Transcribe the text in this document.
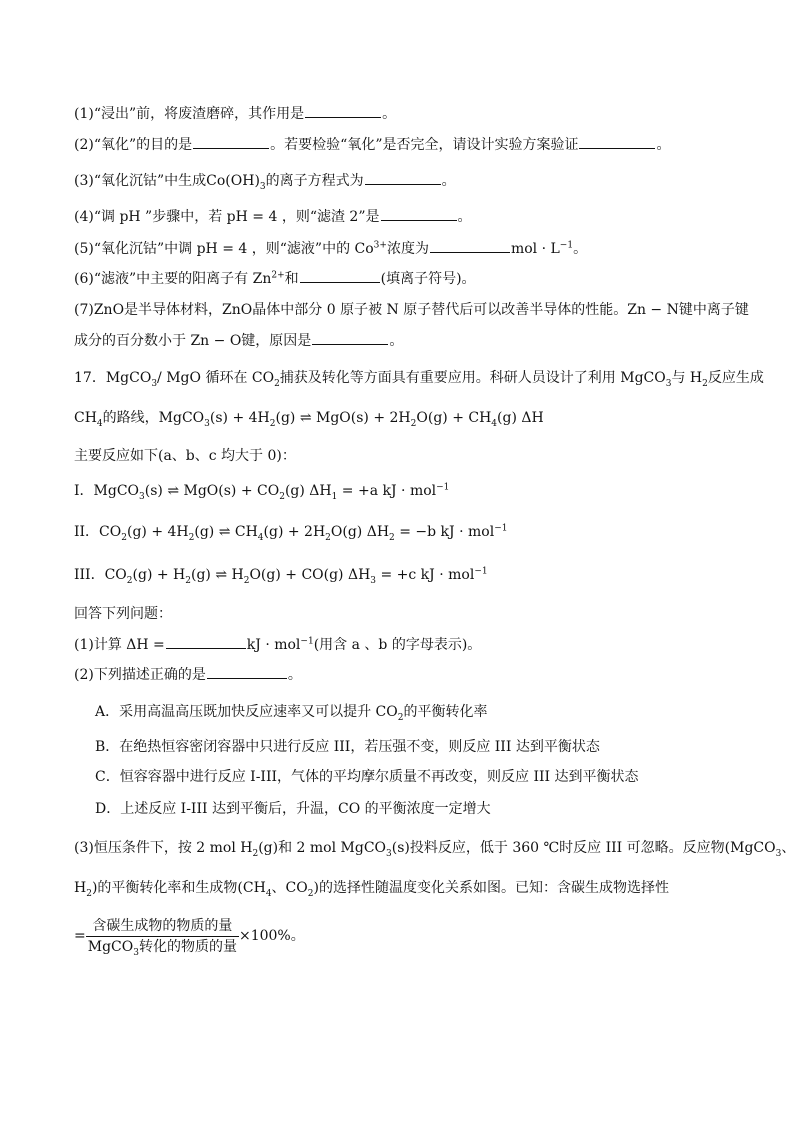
(1)“浸出”前，将废渣磨碎，其作用是	。
(2)“氧化”的目的是	。若要检验“氧化”是否完全，请设计实验方案验证	。
(3)“氧化沉钴”中生成$Co(OH)_3$的离子方程式为	。
(4)“调 pH ”步骤中，若 pH = 4 ，则“滤渣 2”是	。
(5)“氧化沉钴”中调 pH = 4 ，则“滤液”中的 $Co^{3+}$浓度为	mol · $L^{-1}$。
(6)“滤液”中主要的阳离子有 $Zn^{2+}$和	(填离子符号)。
(7)ZnO是半导体材料，ZnO晶体中部分 0 原子被 N 原子替代后可以改善半导体的性能。Zn − N键中离子键
成分的百分数小于 Zn − O键，原因是	。
17．MgCO$_3$/ MgO 循环在 $CO_2$捕获及转化等方面具有重要应用。科研人员设计了利用 MgCO$_3$与 $H_2$反应生成
$CH_4$的路线，MgCO$_3$(s) + $4H_2(g)$ ⇌ $MgO(s) + 2H_2O(g) + CH_4(g)$ ΔH
主要反应如下(a、b、c 均大于 0)：
I．MgCO$_3$(s) ⇌ $MgO(s) + CO_2(g) \Delta H_1 = +a$ kJ · mol$^{-1}$
II．$CO_2(g) + 4H_2(g)$ ⇌ $CH_4(g) + 2H_2O(g) \Delta H_2 = -b$ kJ · mol$^{-1}$
III．$CO_2(g) + H_2(g)$ ⇌ $H_2O(g) + CO(g) \Delta H_3 = +c$ kJ · mol$^{-1}$
回答下列问题：
(1)计算 ΔH =	kJ · mol$^{-1}$(用含 a 、b 的字母表示)。
(2)下列描述正确的是	。
A．采用高温高压既加快反应速率又可以提升 $CO_2$的平衡转化率
B．在绝热恒容密闭容器中只进行反应 III，若压强不变，则反应 III 达到平衡状态
C．恒容容器中进行反应 I-III，气体的平均摩尔质量不再改变，则反应 III 达到平衡状态
D．上述反应 I-III 达到平衡后，升温，CO 的平衡浓度一定增大
(3)恒压条件下，按 2 mol $H_2(g)$和 2 mol MgCO$_3$(s)投料反应，低于 360 ℃时反应 III 可忽略。反应物(MgCO$_3$、
$H_2$)的平衡转化率和生成物($CH_4$、$CO_2$)的选择性随温度变化关系如图。已知：含碳生成物选择性
= $\frac{\text{含碳生成物的物质的量}}{MgCO_3转化的物质的量} \times 100\%$。
